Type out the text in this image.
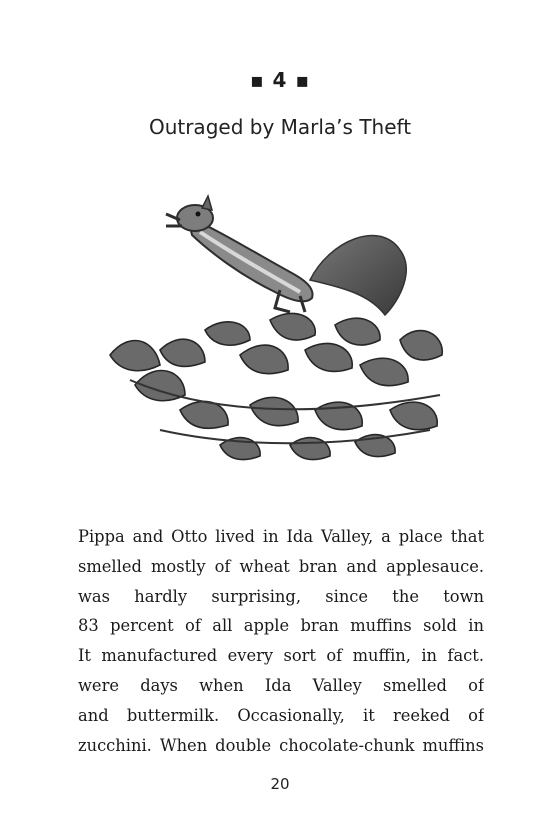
▪ 4 ▪
Outraged by Marla’s Theft
Pippa and Otto lived in Ida Valley, a place that
smelled mostly of wheat bran and applesauce.
was hardly surprising, since the town
83 percent of all apple bran muffins sold in
It manufactured every sort of muffin, in fact.
were days when Ida Valley smelled of
and buttermilk. Occasionally, it reeked of
zucchini. When double chocolate-chunk muffins
20
